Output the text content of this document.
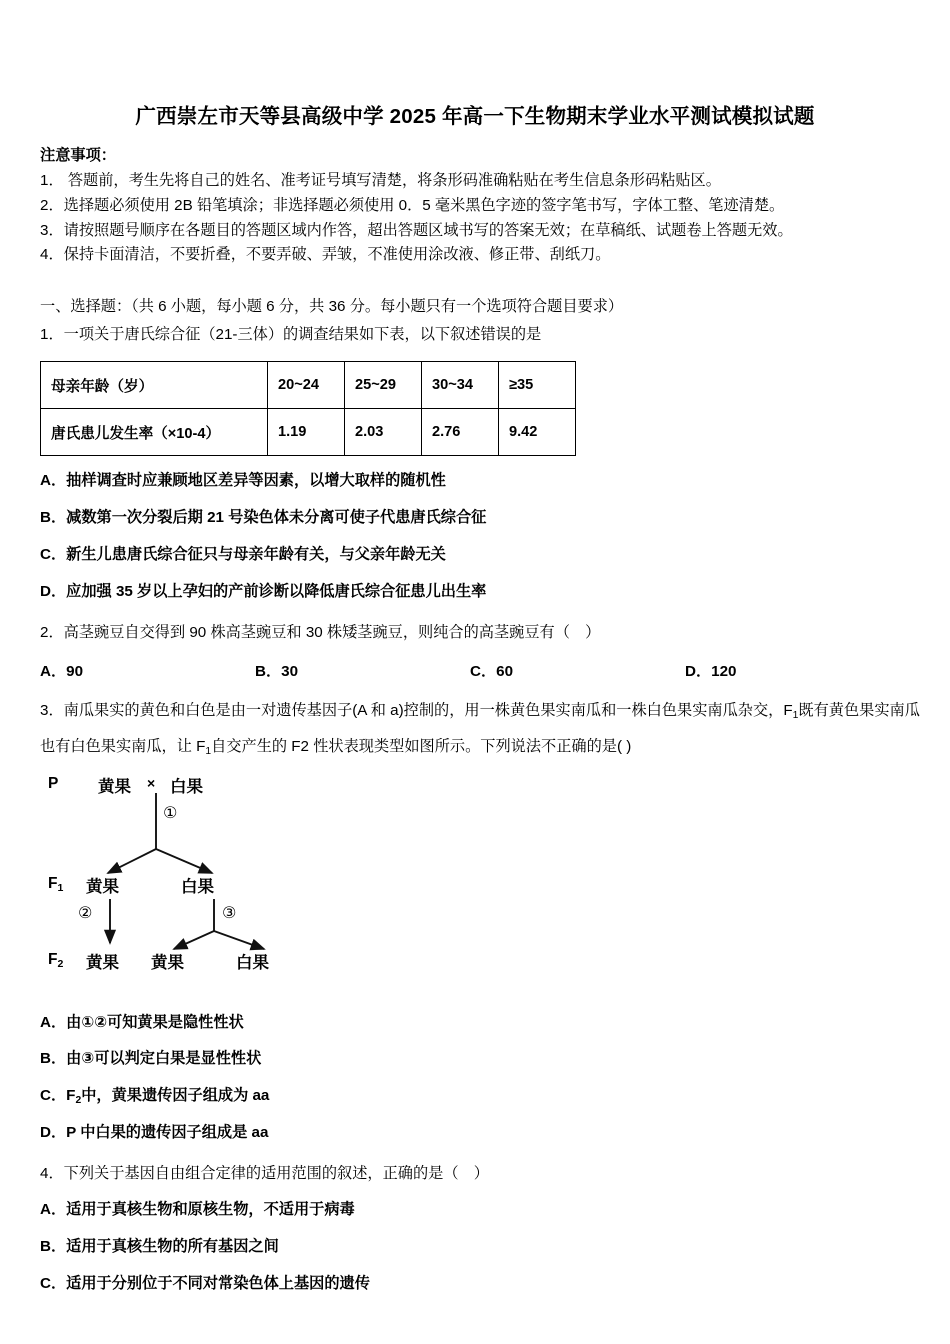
广西崇左市天等县高级中学 2025 年高一下生物期末学业水平测试模拟试题
注意事项：
1． 答题前，考生先将自己的姓名、准考证号填写清楚，将条形码准确粘贴在考生信息条形码粘贴区。
2．选择题必须使用 2B 铅笔填涂；非选择题必须使用 0．5 毫米黑色字迹的签字笔书写，字体工整、笔迹清楚。
3．请按照题号顺序在各题目的答题区域内作答，超出答题区域书写的答案无效；在草稿纸、试题卷上答题无效。
4．保持卡面清洁，不要折叠，不要弄破、弄皱，不准使用涂改液、修正带、刮纸刀。
一、选择题：（共 6 小题，每小题 6 分，共 36 分。每小题只有一个选项符合题目要求）
1．一项关于唐氏综合征（21-三体）的调查结果如下表，以下叙述错误的是
母亲年龄（岁）	20~24	25~29	30~34	≥35
唐氏患儿发生率（×10-4）	1.19	2.03	2.76	9.42
A．抽样调查时应兼顾地区差异等因素，以增大取样的随机性
B．减数第一次分裂后期 21 号染色体未分离可使子代患唐氏综合征
C．新生儿患唐氏综合征只与母亲年龄有关，与父亲年龄无关
D．应加强 35 岁以上孕妇的产前诊断以降低唐氏综合征患儿出生率
2．高茎豌豆自交得到 90 株高茎豌豆和 30 株矮茎豌豆，则纯合的高茎豌豆有（　）
A．90	B．30	C．60	D．120
3．南瓜果实的黄色和白色是由一对遗传基因子(A 和 a)控制的，用一株黄色果实南瓜和一株白色果实南瓜杂交，$F_1$既有黄色果实南瓜也有白色果实南瓜，让 $F_1$自交产生的 F2 性状表现类型如图所示。下列说法不正确的是( )
P 黄果 × 白果
①
$F_1$ 黄果	白果
②	③
$F_2$ 黄果 黄果	白果
A．由①②可知黄果是隐性性状
B．由③可以判定白果是显性性状
C．$F_2$中，黄果遗传因子组成为 aa
D．P 中白果的遗传因子组成是 aa
4．下列关于基因自由组合定律的适用范围的叙述，正确的是（　）
A．适用于真核生物和原核生物，不适用于病毒
B．适用于真核生物的所有基因之间
C．适用于分别位于不同对常染色体上基因的遗传
